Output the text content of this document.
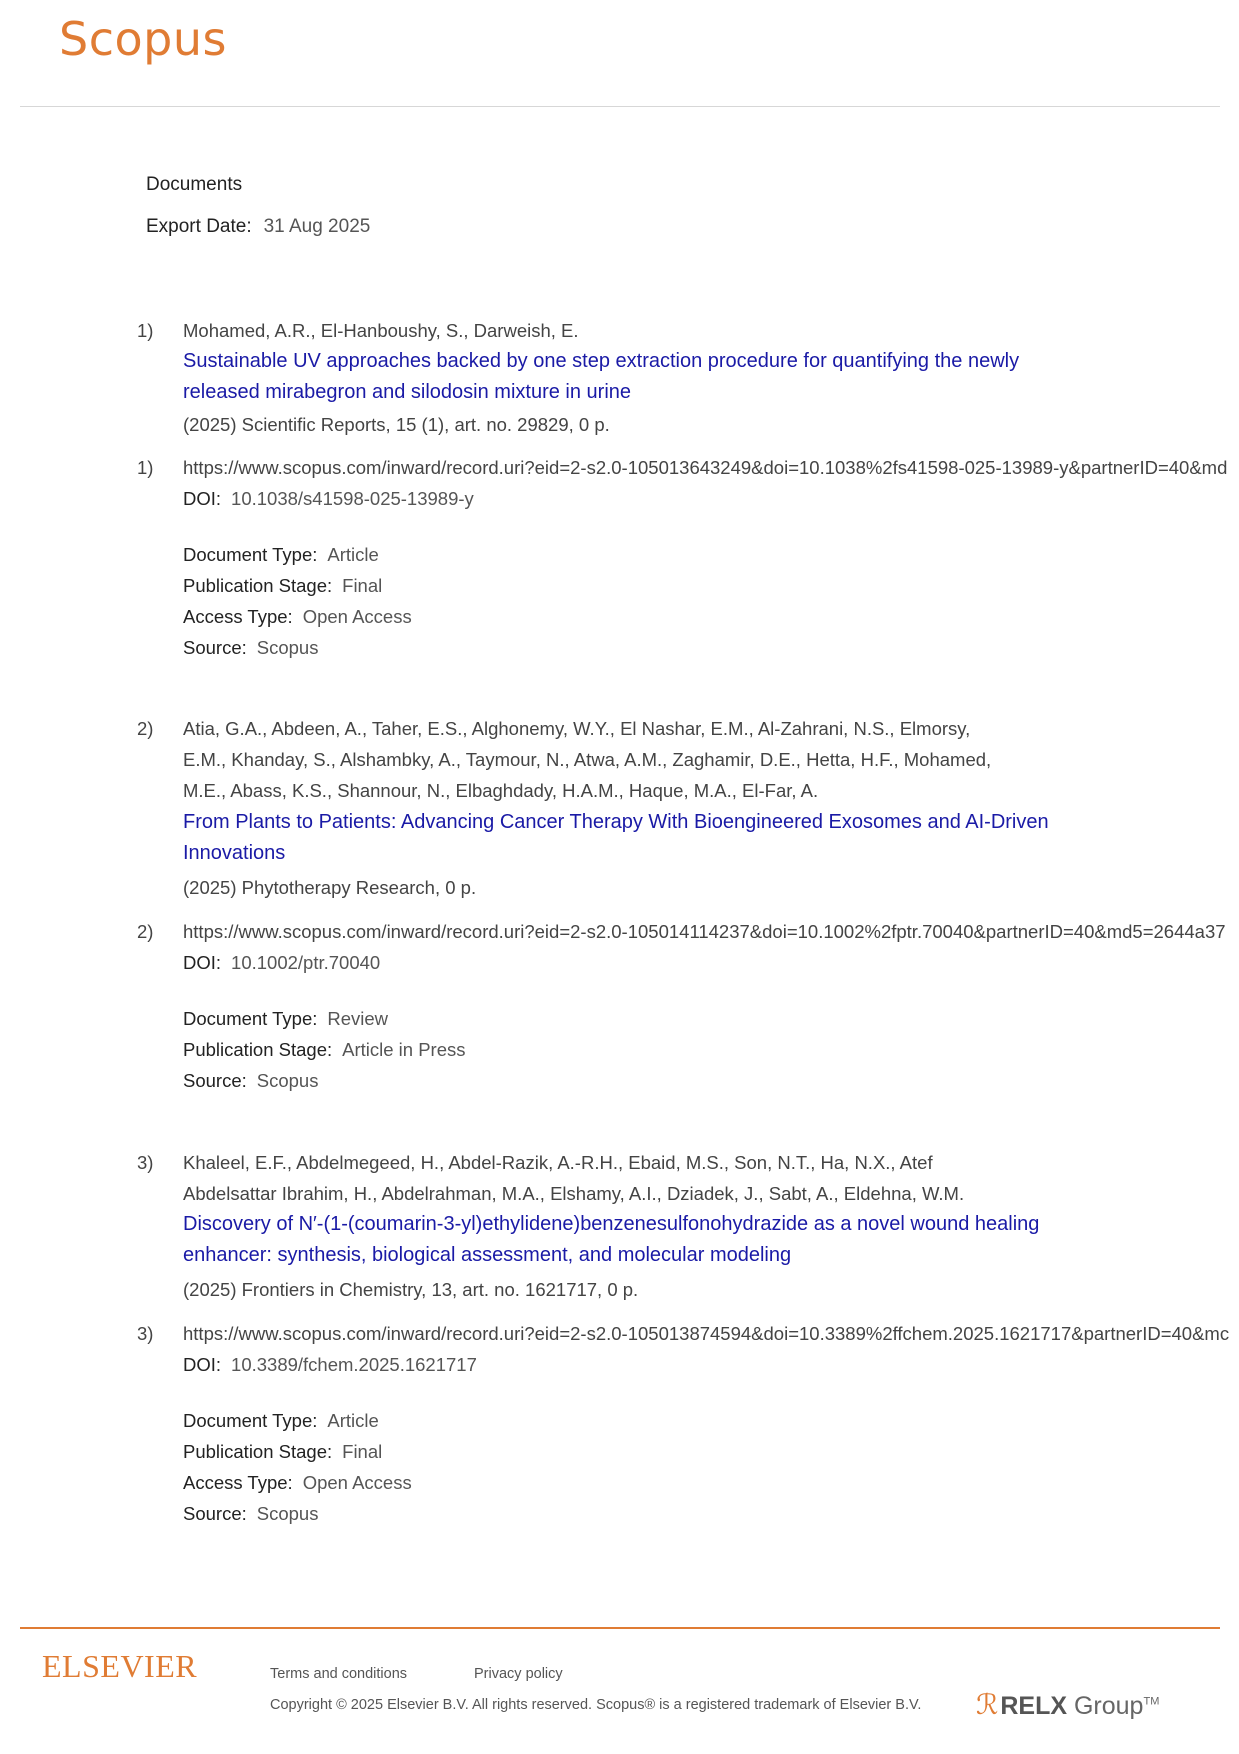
Scopus
Documents
Export Date: 31 Aug 2025
1) Mohamed, A.R., El-Hanboushy, S., Darweish, E.
Sustainable UV approaches backed by one step extraction procedure for quantifying the newly
released mirabegron and silodosin mixture in urine
(2025) Scientific Reports, 15 (1), art. no. 29829, 0 p.
1) https://www.scopus.com/inward/record.uri?eid=2-s2.0-105013643249&doi=10.1038%2fs41598-025-13989-y&partnerID=40&md
DOI: 10.1038/s41598-025-13989-y
Document Type: Article
Publication Stage: Final
Access Type: Open Access
Source: Scopus
2) Atia, G.A., Abdeen, A., Taher, E.S., Alghonemy, W.Y., El Nashar, E.M., Al-Zahrani, N.S., Elmorsy,
E.M., Khanday, S., Alshambky, A., Taymour, N., Atwa, A.M., Zaghamir, D.E., Hetta, H.F., Mohamed,
M.E., Abass, K.S., Shannour, N., Elbaghdady, H.A.M., Haque, M.A., El-Far, A.
From Plants to Patients: Advancing Cancer Therapy With Bioengineered Exosomes and AI-Driven
Innovations
(2025) Phytotherapy Research, 0 p.
2) https://www.scopus.com/inward/record.uri?eid=2-s2.0-105014114237&doi=10.1002%2fptr.70040&partnerID=40&md5=2644a37
DOI: 10.1002/ptr.70040
Document Type: Review
Publication Stage: Article in Press
Source: Scopus
3) Khaleel, E.F., Abdelmegeed, H., Abdel-Razik, A.-R.H., Ebaid, M.S., Son, N.T., Ha, N.X., Atef
Abdelsattar Ibrahim, H., Abdelrahman, M.A., Elshamy, A.I., Dziadek, J., Sabt, A., Eldehna, W.M.
Discovery of N′-(1-(coumarin-3-yl)ethylidene)benzenesulfonohydrazide as a novel wound healing
enhancer: synthesis, biological assessment, and molecular modeling
(2025) Frontiers in Chemistry, 13, art. no. 1621717, 0 p.
3) https://www.scopus.com/inward/record.uri?eid=2-s2.0-105013874594&doi=10.3389%2ffchem.2025.1621717&partnerID=40&mc
DOI: 10.3389/fchem.2025.1621717
Document Type: Article
Publication Stage: Final
Access Type: Open Access
Source: Scopus
ELSEVIER	Terms and conditions	Privacy policy
Copyright © 2025 Elsevier B.V. All rights reserved. Scopus® is a registered trademark of Elsevier B.V. ℛRELX Group™
